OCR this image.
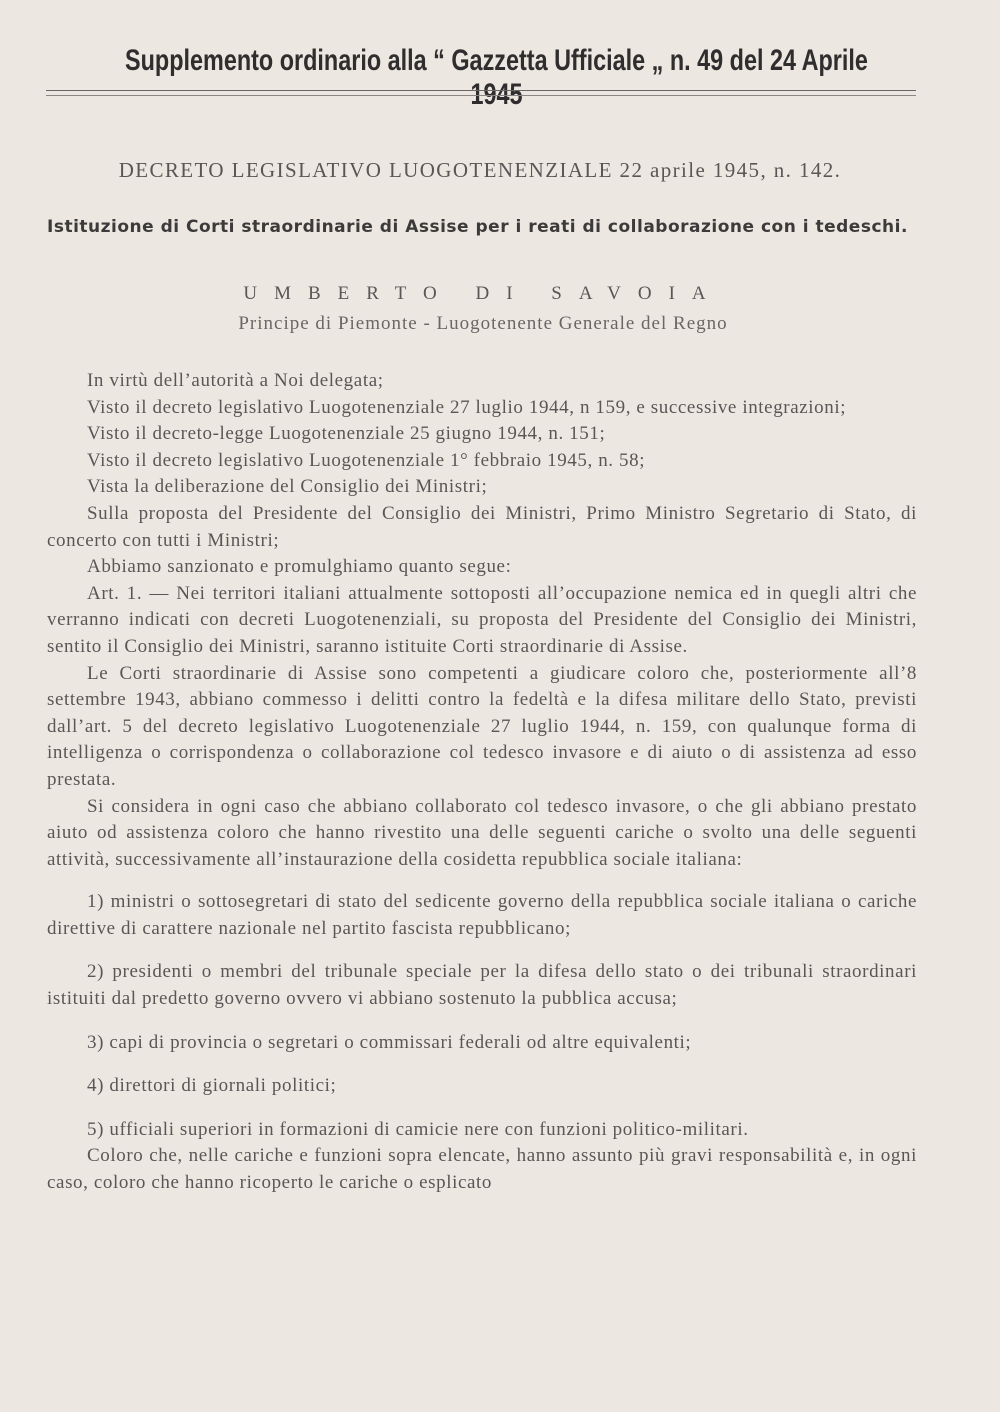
Supplemento ordinario alla “ Gazzetta Ufficiale „ n. 49 del 24 Aprile 1945
DECRETO LEGISLATIVO LUOGOTENENZIALE 22 aprile 1945, n. 142.
Istituzione di Corti straordinarie di Assise per i reati di collaborazione con i tedeschi.
UMBERTO DI SAVOIA
Principe di Piemonte - Luogotenente Generale del Regno

In virtù dell’autorità a Noi delegata;

Visto il decreto legislativo Luogotenenziale 27 luglio 1944, n 159, e successive integrazioni;

Visto il decreto-legge Luogotenenziale 25 giugno 1944, n. 151;

Visto il decreto legislativo Luogotenenziale 1° febbraio 1945, n. 58;

Vista la deliberazione del Consiglio dei Ministri;

Sulla proposta del Presidente del Consiglio dei Ministri, Primo Ministro Segretario di Stato, di concerto con tutti i Ministri;

Abbiamo sanzionato e promulghiamo quanto segue:

Art. 1. — Nei territori italiani attualmente sottoposti all’occupazione nemica ed in quegli altri che verranno indicati con decreti Luogotenenziali, su proposta del Presidente del Consiglio dei Ministri, sentito il Consiglio dei Ministri, saranno istituite Corti straordinarie di Assise.

Le Corti straordinarie di Assise sono competenti a giudicare coloro che, posteriormente all’8 settembre 1943, abbiano commesso i delitti contro la fedeltà e la difesa militare dello Stato, previsti dall’art. 5 del decreto legislativo Luogotenenziale 27 luglio 1944, n. 159, con qualunque forma di intelligenza o corrispondenza o collaborazione col tedesco invasore e di aiuto o di assistenza ad esso prestata.

Si considera in ogni caso che abbiano collaborato col tedesco invasore, o che gli abbiano prestato aiuto od assistenza coloro che hanno rivestito una delle seguenti cariche o svolto una delle seguenti attività, successivamente all’instaurazione della cosidetta repubblica sociale italiana:

1) ministri o sottosegretari di stato del sedicente governo della repubblica sociale italiana o cariche direttive di carattere nazionale nel partito fascista repubblicano;

2) presidenti o membri del tribunale speciale per la difesa dello stato o dei tribunali straordinari istituiti dal predetto governo ovvero vi abbiano sostenuto la pubblica accusa;

3) capi di provincia o segretari o commissari federali od altre equivalenti;

4) direttori di giornali politici;

5) ufficiali superiori in formazioni di camicie nere con funzioni politico-militari.

Coloro che, nelle cariche e funzioni sopra elencate, hanno assunto più gravi responsabilità e, in ogni caso, coloro che hanno ricoperto le cariche o esplicato
